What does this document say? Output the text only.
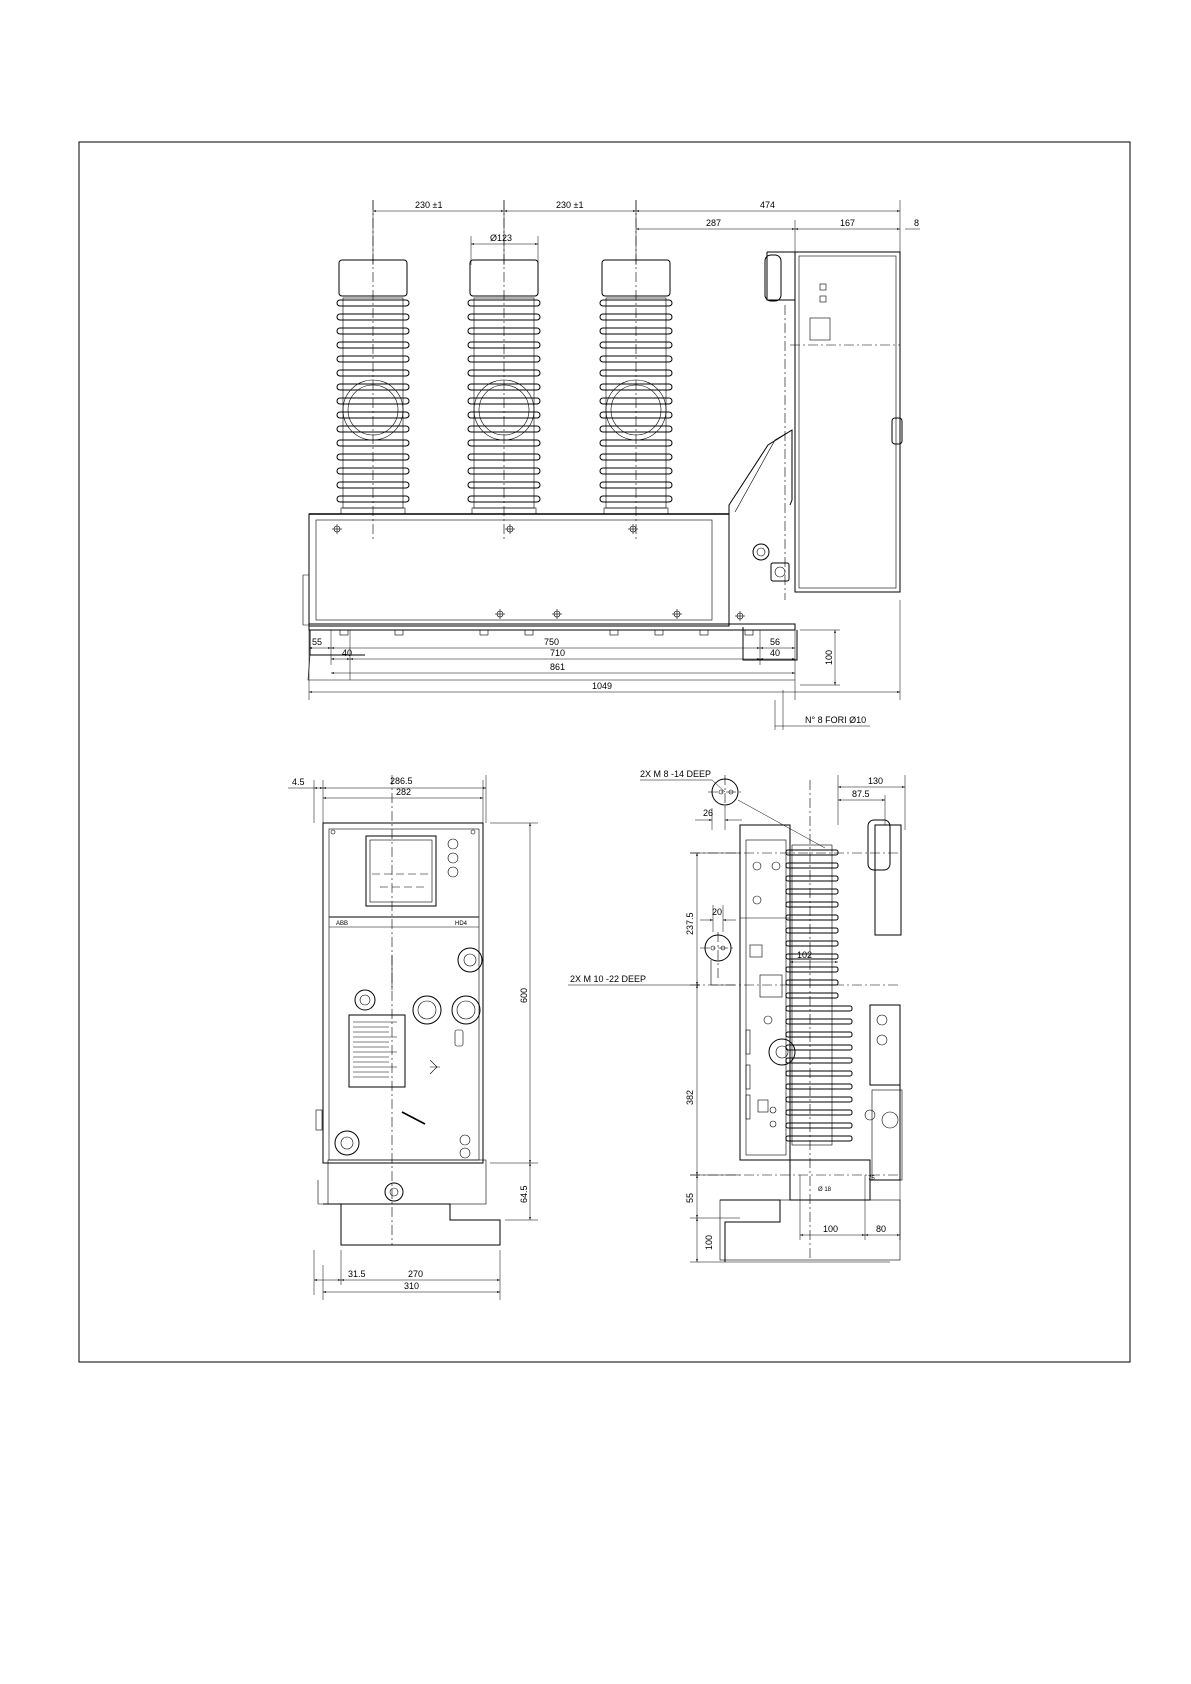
230 ±1	230 ±1	474
287	167	8
Ø123
55	750	56
40	710	40
861
1049
100
N° 8 FORI Ø10
ABB	HD4
4.5	286.5
282
600
64.5
31.5	270
310
2X M 8 -14 DEEP
2X M 10 -22 DEEP
130
87.5
26
20
237.5
382
55
100
102
100	80
Ø 18
75
